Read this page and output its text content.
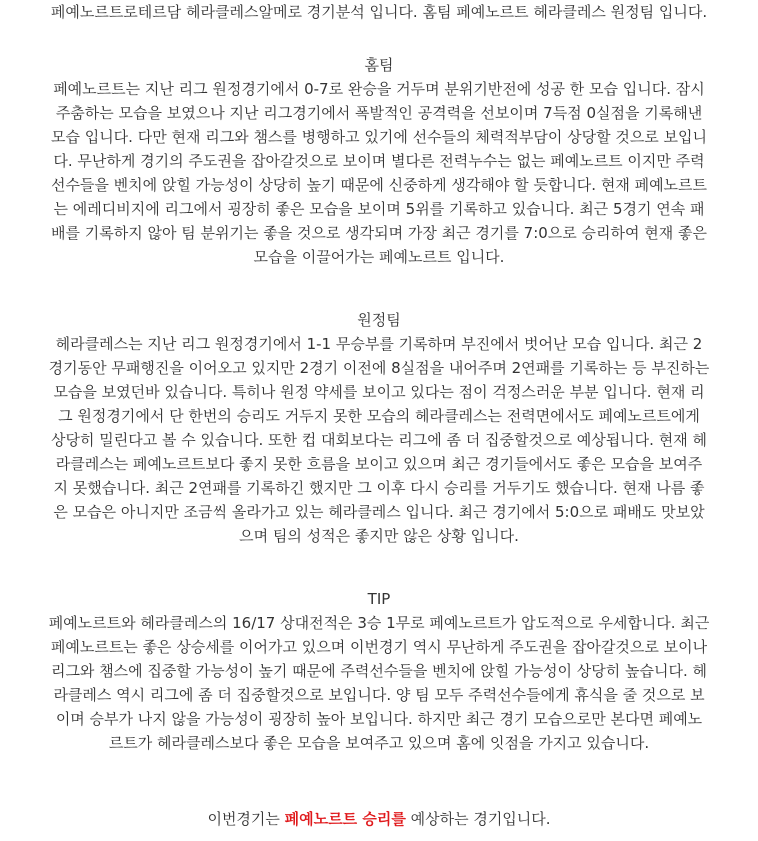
페예노르트로테르담 헤라클레스알메로 경기분석 입니다. 홈팀 페예노르트 헤라클레스 원정팀 입니다.
홈팀
페예노르트는 지난 리그 원정경기에서 0-7로 완승을 거두며 분위기반전에 성공 한 모습 입니다. 잠시
주춤하는 모습을 보였으나 지난 리그경기에서 폭발적인 공격력을 선보이며 7득점 0실점을 기록해낸
모습 입니다. 다만 현재 리그와 챔스를 병행하고 있기에 선수들의 체력적부담이 상당할 것으로 보입니
다. 무난하게 경기의 주도권을 잡아갈것으로 보이며 별다른 전력누수는 없는 페예노르트 이지만 주력
선수들을 벤치에 앉힐 가능성이 상당히 높기 때문에 신중하게 생각해야 할 듯합니다. 현재 페예노르트
는 에레디비지에 리그에서 굉장히 좋은 모습을 보이며 5위를 기록하고 있습니다. 최근 5경기 연속 패
배를 기록하지 않아 팀 분위기는 좋을 것으로 생각되며 가장 최근 경기를 7:0으로 승리하여 현재 좋은
모습을 이끌어가는 페예노르트 입니다.
원정팀
헤라클레스는 지난 리그 원정경기에서 1-1 무승부를 기록하며 부진에서 벗어난 모습 입니다. 최근 2
경기동안 무패행진을 이어오고 있지만 2경기 이전에 8실점을 내어주며 2연패를 기록하는 등 부진하는
모습을 보였던바 있습니다. 특히나 원정 약세를 보이고 있다는 점이 걱정스러운 부분 입니다. 현재 리
그 원정경기에서 단 한번의 승리도 거두지 못한 모습의 헤라클레스는 전력면에서도 페예노르트에게
상당히 밀린다고 볼 수 있습니다. 또한 컵 대회보다는 리그에 좀 더 집중할것으로 예상됩니다. 현재 헤
라클레스는 페예노르트보다 좋지 못한 흐름을 보이고 있으며 최근 경기들에서도 좋은 모습을 보여주
지 못했습니다. 최근 2연패를 기록하긴 했지만 그 이후 다시 승리를 거두기도 했습니다. 현재 나름 좋
은 모습은 아니지만 조금씩 올라가고 있는 헤라클레스 입니다. 최근 경기에서 5:0으로 패배도 맛보았
으며 팀의 성적은 좋지만 않은 상황 입니다.
TIP
페예노르트와 헤라클레스의 16/17 상대전적은 3승 1무로 페예노르트가 압도적으로 우세합니다. 최근
페예노르트는 좋은 상승세를 이어가고 있으며 이번경기 역시 무난하게 주도권을 잡아갈것으로 보이나
리그와 챔스에 집중할 가능성이 높기 때문에 주력선수들을 벤치에 앉힐 가능성이 상당히 높습니다. 헤
라클레스 역시 리그에 좀 더 집중할것으로 보입니다. 양 팀 모두 주력선수들에게 휴식을 줄 것으로 보
이며 승부가 나지 않을 가능성이 굉장히 높아 보입니다. 하지만 최근 경기 모습으로만 본다면 페예노
르트가 헤라클레스보다 좋은 모습을 보여주고 있으며 홈에 잇점을 가지고 있습니다.
이번경기는 페예노르트 승리를 예상하는 경기입니다.
